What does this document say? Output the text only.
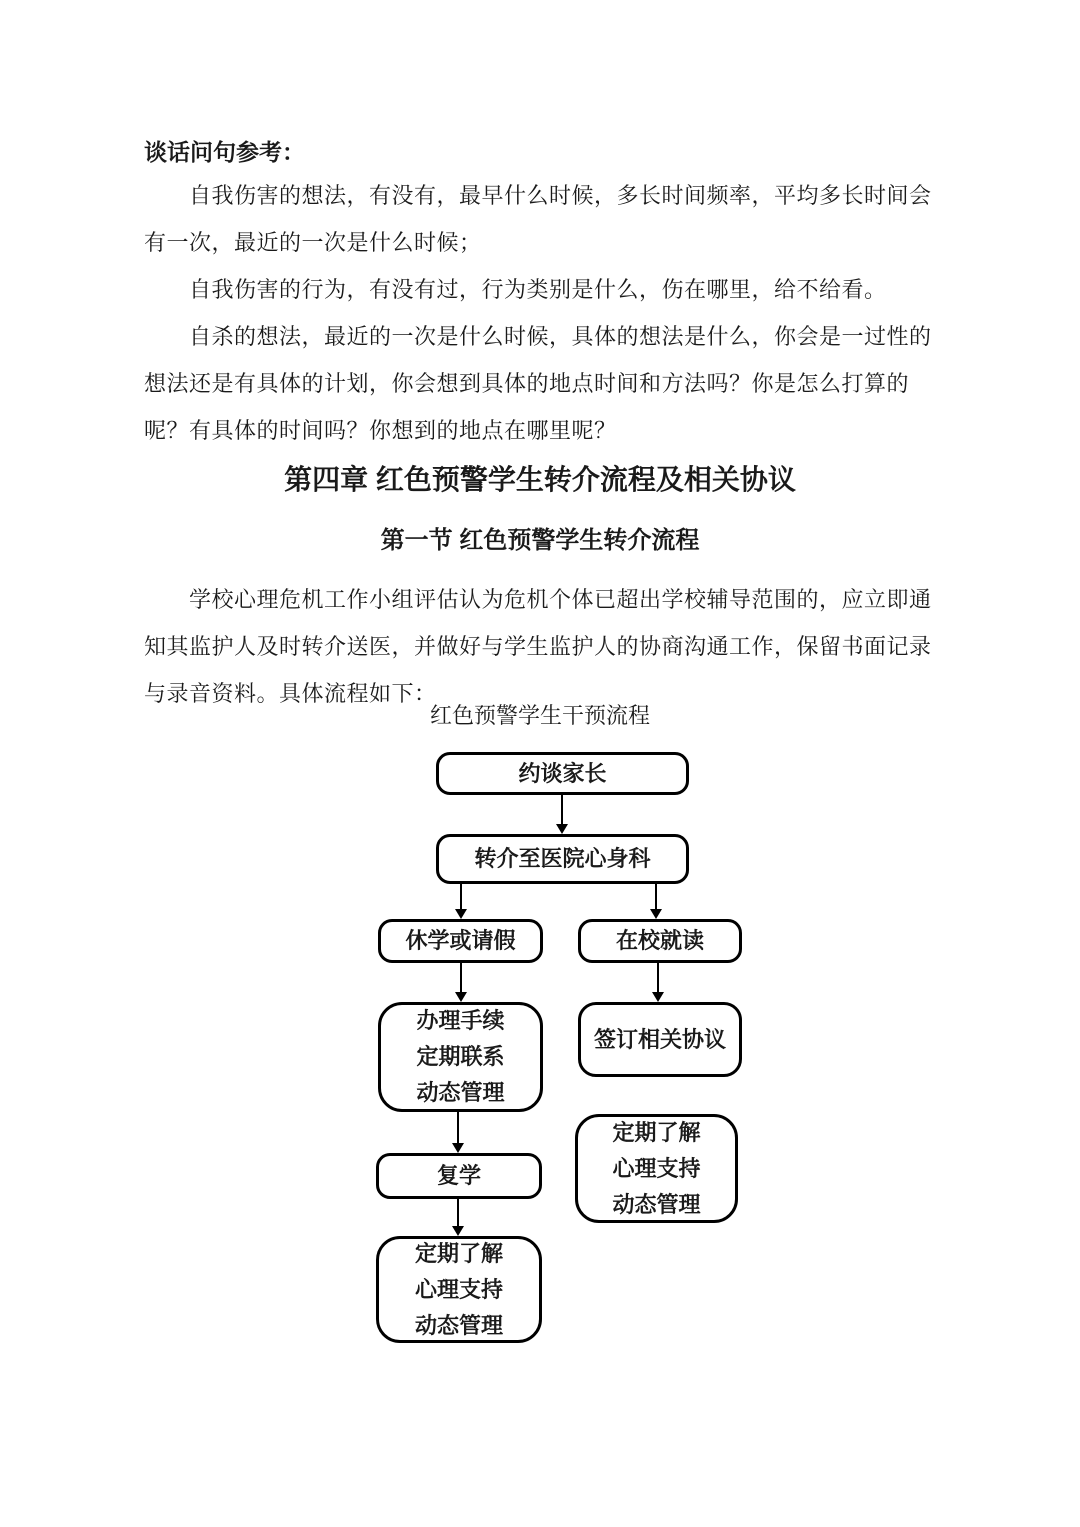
谈话问句参考：
自我伤害的想法，有没有，最早什么时候，多长时间频率，平均多长时间会
有一次，最近的一次是什么时候；
自我伤害的行为，有没有过，行为类别是什么，伤在哪里，给不给看。
自杀的想法，最近的一次是什么时候，具体的想法是什么，你会是一过性的
想法还是有具体的计划，你会想到具体的地点时间和方法吗？你是怎么打算的
呢？有具体的时间吗？你想到的地点在哪里呢？
第四章 红色预警学生转介流程及相关协议
第一节 红色预警学生转介流程
学校心理危机工作小组评估认为危机个体已超出学校辅导范围的，应立即通
知其监护人及时转介送医，并做好与学生监护人的协商沟通工作，保留书面记录
与录音资料。具体流程如下：
红色预警学生干预流程
约谈家长
转介至医院心身科
休学或请假	在校就读
办理手续
定期联系
动态管理
签订相关协议
复学
定期了解
心理支持
动态管理
定期了解
心理支持
动态管理
